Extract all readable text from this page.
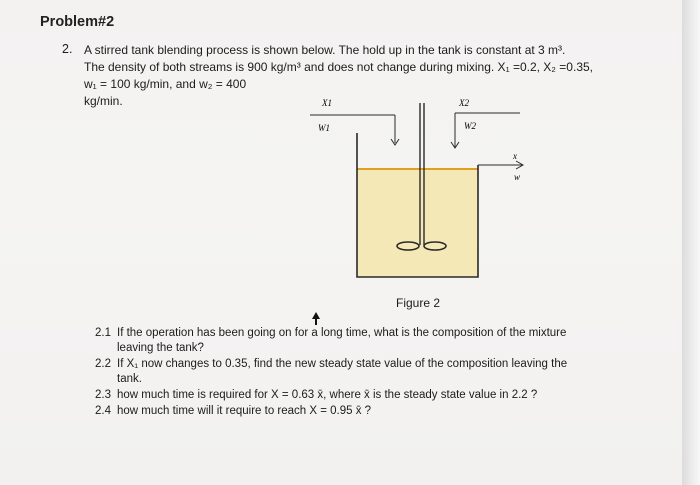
Problem#2
2. A stirred tank blending process is shown below. The hold up in the tank is constant at 3 m³.
The density of both streams is 900 kg/m³ and does not change during mixing. X₁ =0.2, X₂ =0.35,
w₁ = 100 kg/min, and w₂ = 400
kg/min.	X1
W1
X2
W2
x
w
Figure 2
2.1 If the operation has been going on for a long time, what is the composition of the mixture
leaving the tank?
2.2 If X₁ now changes to 0.35, find the new steady state value of the composition leaving the
tank.
2.3 how much time is required for X = 0.63 x̄, where x̄ is the steady state value in 2.2 ?
2.4 how much time will it require to reach X = 0.95 x̄ ?
